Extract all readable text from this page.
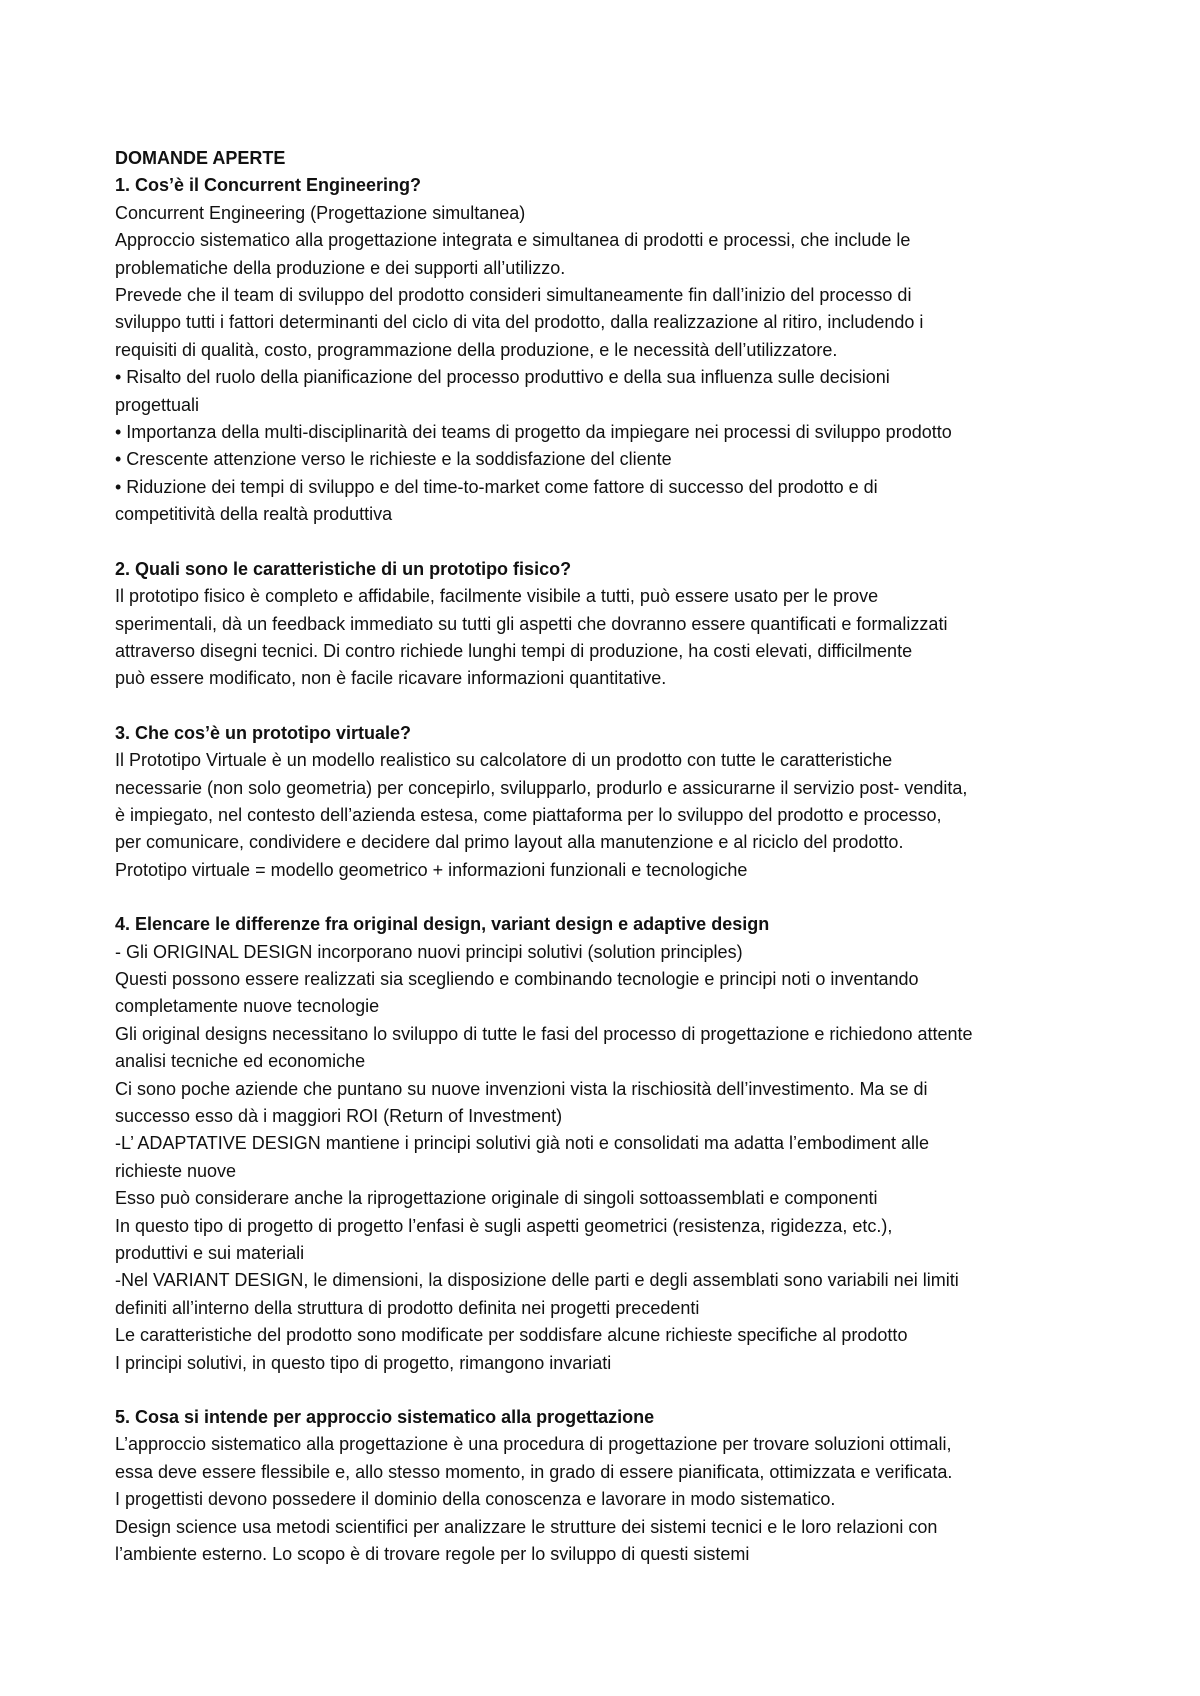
DOMANDE APERTE
1. Cos’è il Concurrent Engineering?
Concurrent Engineering (Progettazione simultanea)
Approccio sistematico alla progettazione integrata e simultanea di prodotti e processi, che include le
problematiche della produzione e dei supporti all’utilizzo.
Prevede che il team di sviluppo del prodotto consideri simultaneamente fin dall’inizio del processo di
sviluppo tutti i fattori determinanti del ciclo di vita del prodotto, dalla realizzazione al ritiro, includendo i
requisiti di qualità, costo, programmazione della produzione, e le necessità dell’utilizzatore.
• Risalto del ruolo della pianificazione del processo produttivo e della sua influenza sulle decisioni
progettuali
• Importanza della multi-disciplinarità dei teams di progetto da impiegare nei processi di sviluppo prodotto
• Crescente attenzione verso le richieste e la soddisfazione del cliente
• Riduzione dei tempi di sviluppo e del time-to-market come fattore di successo del prodotto e di
competitività della realtà produttiva
2. Quali sono le caratteristiche di un prototipo fisico?
Il prototipo fisico è completo e affidabile, facilmente visibile a tutti, può essere usato per le prove
sperimentali, dà un feedback immediato su tutti gli aspetti che dovranno essere quantificati e formalizzati
attraverso disegni tecnici. Di contro richiede lunghi tempi di produzione, ha costi elevati, difficilmente
può essere modificato, non è facile ricavare informazioni quantitative.
3. Che cos’è un prototipo virtuale?
Il Prototipo Virtuale è un modello realistico su calcolatore di un prodotto con tutte le caratteristiche
necessarie (non solo geometria) per concepirlo, svilupparlo, produrlo e assicurarne il servizio post- vendita,
è impiegato, nel contesto dell’azienda estesa, come piattaforma per lo sviluppo del prodotto e processo,
per comunicare, condividere e decidere dal primo layout alla manutenzione e al riciclo del prodotto.
Prototipo virtuale = modello geometrico + informazioni funzionali e tecnologiche
4. Elencare le differenze fra original design, variant design e adaptive design
- Gli ORIGINAL DESIGN incorporano nuovi principi solutivi (solution principles)
Questi possono essere realizzati sia scegliendo e combinando tecnologie e principi noti o inventando
completamente nuove tecnologie
Gli original designs necessitano lo sviluppo di tutte le fasi del processo di progettazione e richiedono attente
analisi tecniche ed economiche
Ci sono poche aziende che puntano su nuove invenzioni vista la rischiosità dell’investimento. Ma se di
successo esso dà i maggiori ROI (Return of Investment)
-L’ ADAPTATIVE DESIGN mantiene i principi solutivi già noti e consolidati ma adatta l’embodiment alle
richieste nuove
Esso può considerare anche la riprogettazione originale di singoli sottoassemblati e componenti
In questo tipo di progetto di progetto l’enfasi è sugli aspetti geometrici (resistenza, rigidezza, etc.),
produttivi e sui materiali
-Nel VARIANT DESIGN, le dimensioni, la disposizione delle parti e degli assemblati sono variabili nei limiti
definiti all’interno della struttura di prodotto definita nei progetti precedenti
Le caratteristiche del prodotto sono modificate per soddisfare alcune richieste specifiche al prodotto
I principi solutivi, in questo tipo di progetto, rimangono invariati
5. Cosa si intende per approccio sistematico alla progettazione
L’approccio sistematico alla progettazione è una procedura di progettazione per trovare soluzioni ottimali,
essa deve essere flessibile e, allo stesso momento, in grado di essere pianificata, ottimizzata e verificata.
I progettisti devono possedere il dominio della conoscenza e lavorare in modo sistematico.
Design science usa metodi scientifici per analizzare le strutture dei sistemi tecnici e le loro relazioni con
l’ambiente esterno. Lo scopo è di trovare regole per lo sviluppo di questi sistemi
